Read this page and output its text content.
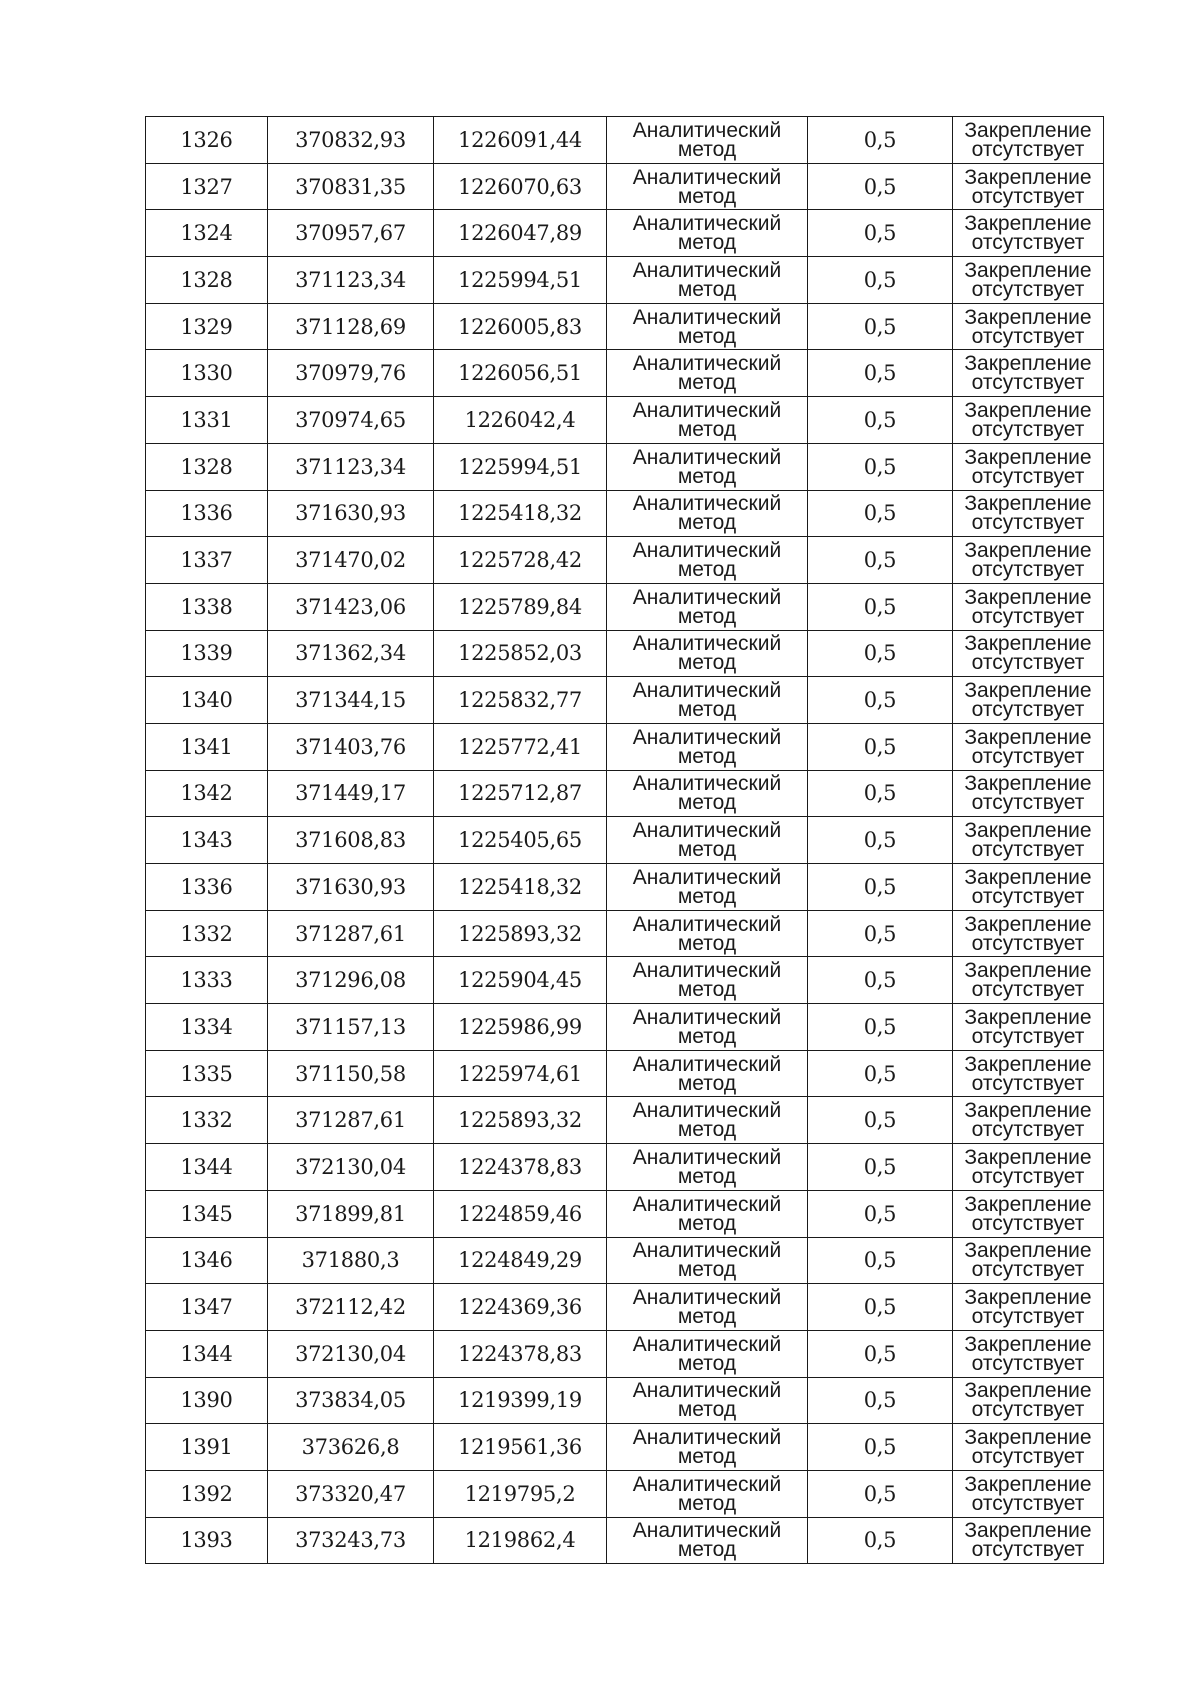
1326	370832,93	1226091,44	Аналитический
метод	0,5	Закрепление
отсутствует

1327	370831,35	1226070,63	Аналитический
метод	0,5	Закрепление
отсутствует

1324	370957,67	1226047,89	Аналитический
метод	0,5	Закрепление
отсутствует

1328	371123,34	1225994,51	Аналитический
метод	0,5	Закрепление
отсутствует

1329	371128,69	1226005,83	Аналитический
метод	0,5	Закрепление
отсутствует

1330	370979,76	1226056,51	Аналитический
метод	0,5	Закрепление
отсутствует

1331	370974,65	1226042,4	Аналитический
метод	0,5	Закрепление
отсутствует

1328	371123,34	1225994,51	Аналитический
метод	0,5	Закрепление
отсутствует

1336	371630,93	1225418,32	Аналитический
метод	0,5	Закрепление
отсутствует

1337	371470,02	1225728,42	Аналитический
метод	0,5	Закрепление
отсутствует

1338	371423,06	1225789,84	Аналитический
метод	0,5	Закрепление
отсутствует

1339	371362,34	1225852,03	Аналитический
метод	0,5	Закрепление
отсутствует

1340	371344,15	1225832,77	Аналитический
метод	0,5	Закрепление
отсутствует

1341	371403,76	1225772,41	Аналитический
метод	0,5	Закрепление
отсутствует

1342	371449,17	1225712,87	Аналитический
метод	0,5	Закрепление
отсутствует

1343	371608,83	1225405,65	Аналитический
метод	0,5	Закрепление
отсутствует

1336	371630,93	1225418,32	Аналитический
метод	0,5	Закрепление
отсутствует

1332	371287,61	1225893,32	Аналитический
метод	0,5	Закрепление
отсутствует

1333	371296,08	1225904,45	Аналитический
метод	0,5	Закрепление
отсутствует

1334	371157,13	1225986,99	Аналитический
метод	0,5	Закрепление
отсутствует

1335	371150,58	1225974,61	Аналитический
метод	0,5	Закрепление
отсутствует

1332	371287,61	1225893,32	Аналитический
метод	0,5	Закрепление
отсутствует

1344	372130,04	1224378,83	Аналитический
метод	0,5	Закрепление
отсутствует

1345	371899,81	1224859,46	Аналитический
метод	0,5	Закрепление
отсутствует

1346	371880,3	1224849,29	Аналитический
метод	0,5	Закрепление
отсутствует

1347	372112,42	1224369,36	Аналитический
метод	0,5	Закрепление
отсутствует

1344	372130,04	1224378,83	Аналитический
метод	0,5	Закрепление
отсутствует

1390	373834,05	1219399,19	Аналитический
метод	0,5	Закрепление
отсутствует

1391	373626,8	1219561,36	Аналитический
метод	0,5	Закрепление
отсутствует

1392	373320,47	1219795,2	Аналитический
метод	0,5	Закрепление
отсутствует

1393	373243,73	1219862,4	Аналитический
метод	0,5	Закрепление
отсутствует
